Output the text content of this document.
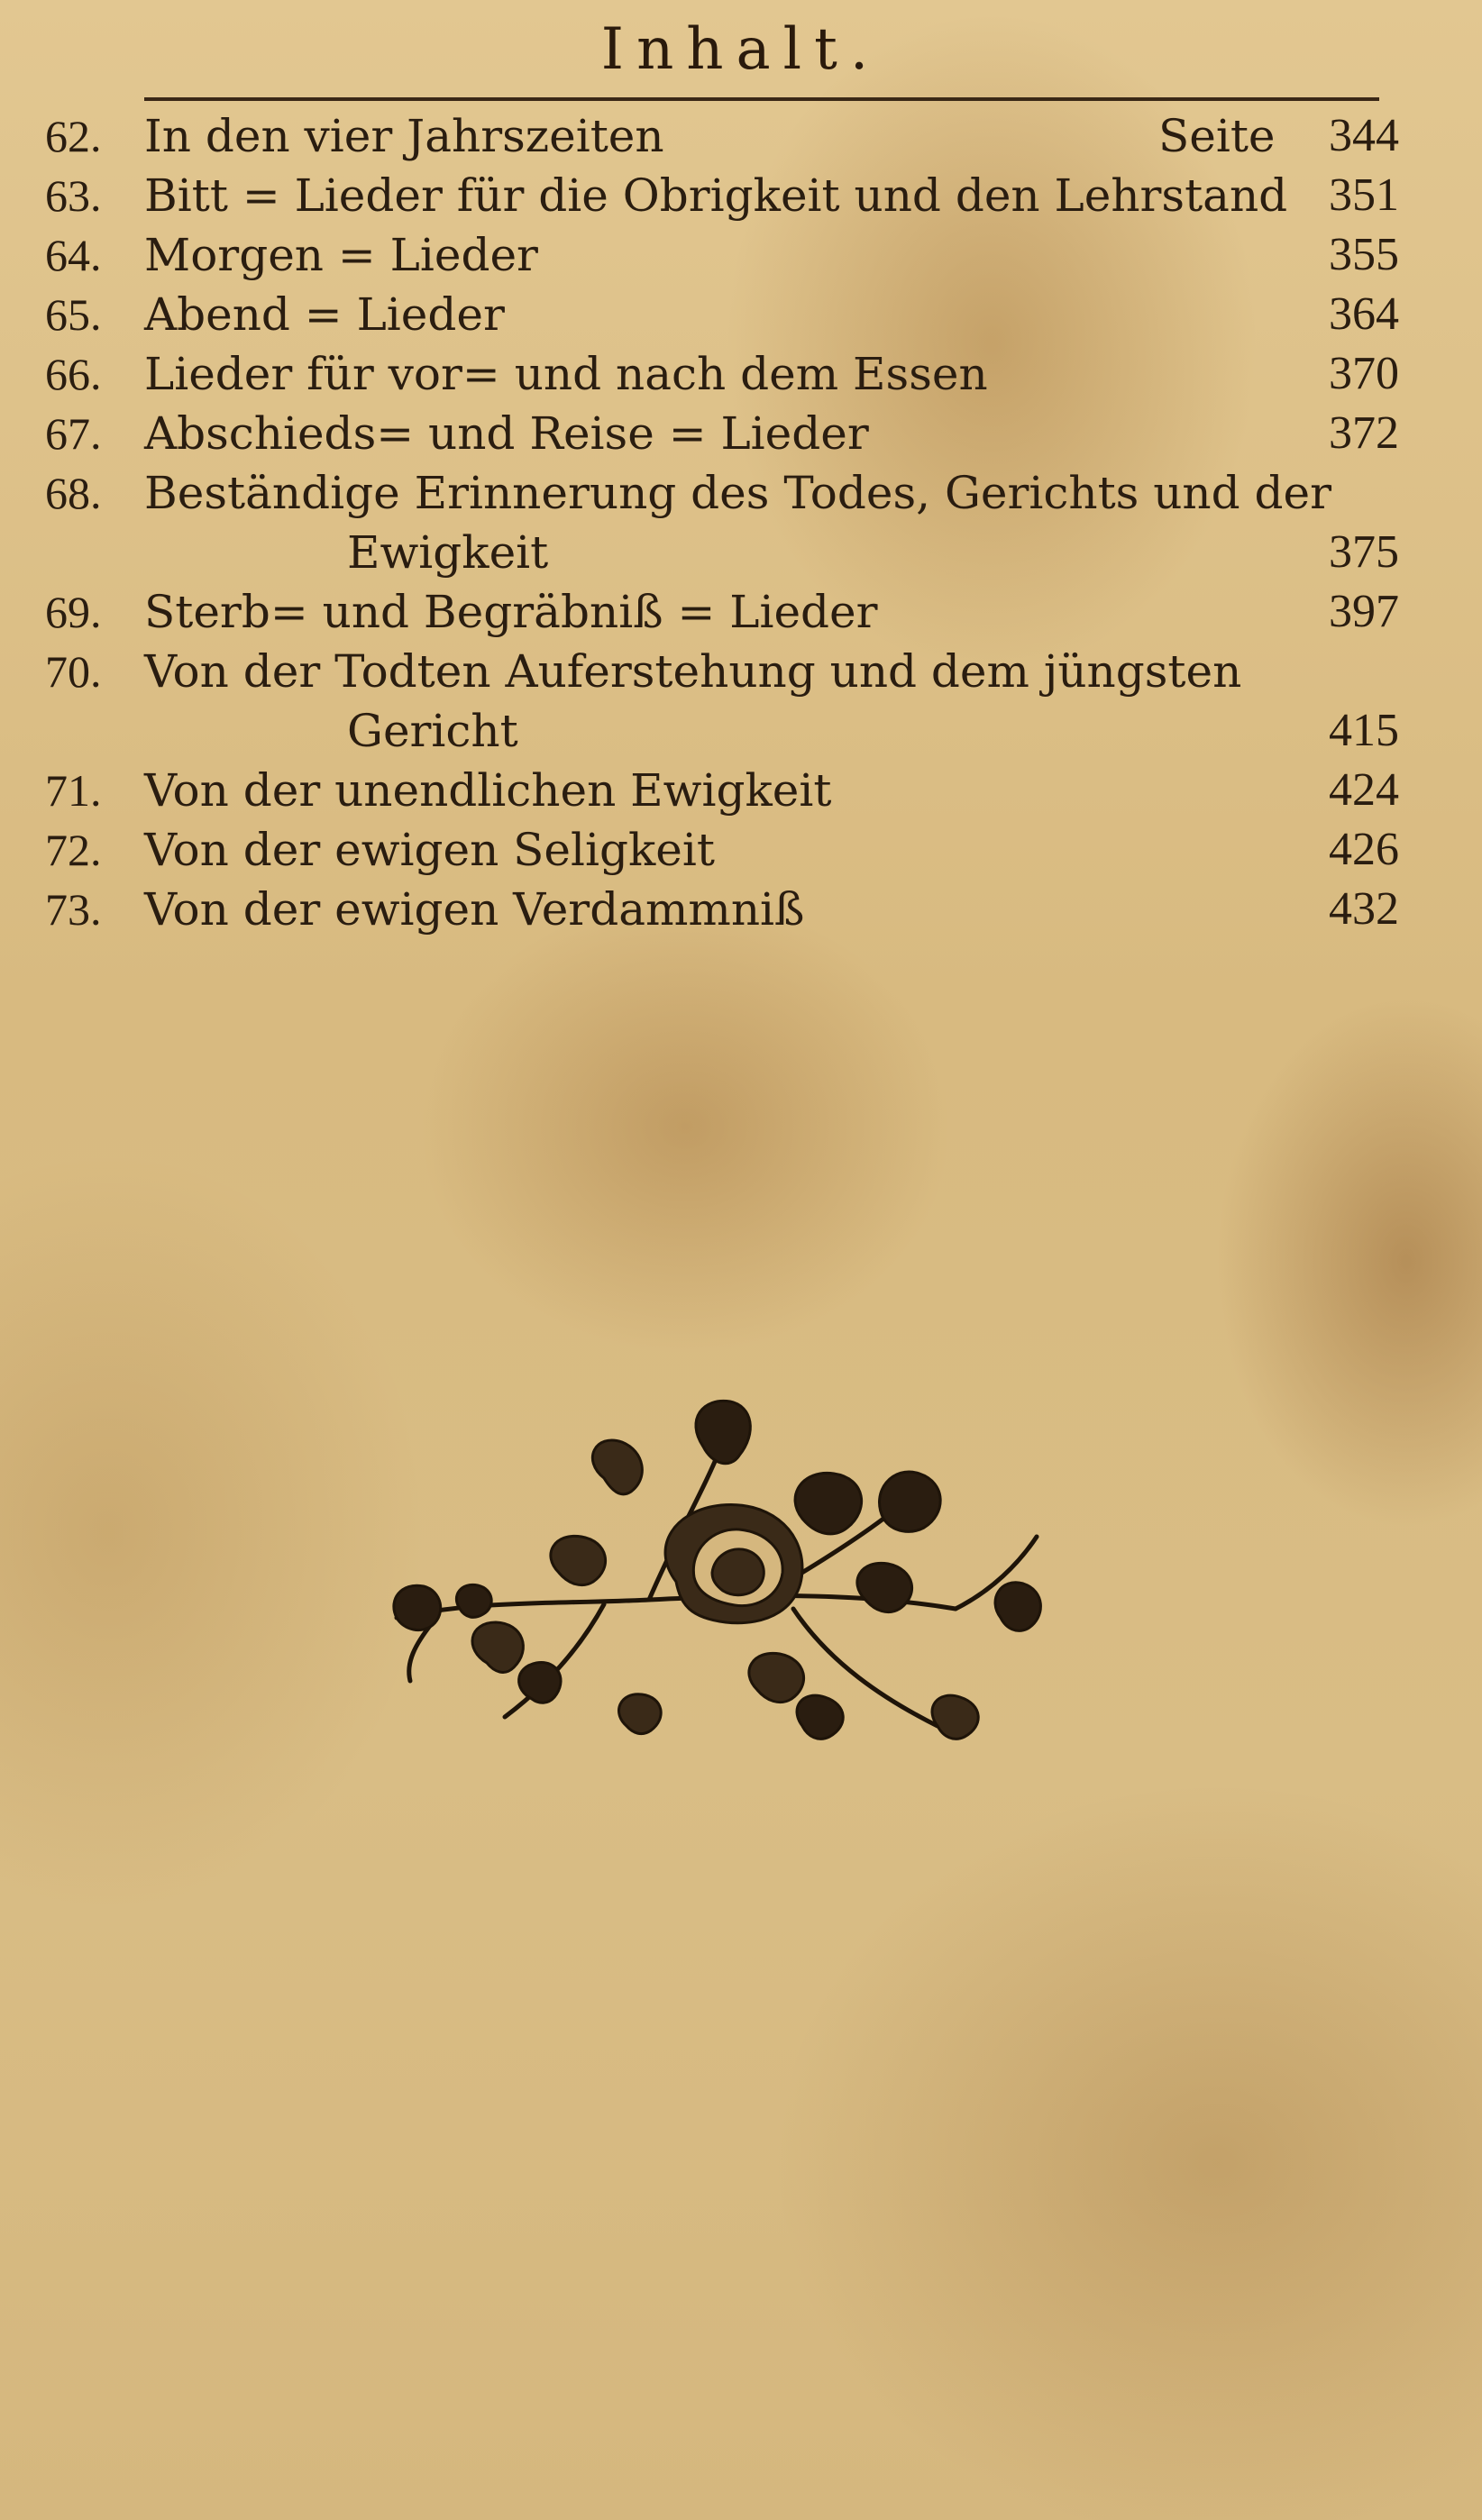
Inhalt.
62. In den vier Jahrszeiten	Seite	344
63. Bitt = Lieder für die Obrigkeit und den Lehrstand 351
64. Morgen = Lieder	355
65. Abend = Lieder	364
66. Lieder für vor= und nach dem Essen	370
67. Abschieds= und Reise = Lieder	372
68. Beständige Erinnerung des Todes, Gerichts und der
Ewigkeit	375
69. Sterb= und Begräbniß = Lieder	397
70. Von der Todten Auferstehung und dem jüngsten
Gericht	415
71. Von der unendlichen Ewigkeit	424
72. Von der ewigen Seligkeit	426
73. Von der ewigen Verdammniß	432
